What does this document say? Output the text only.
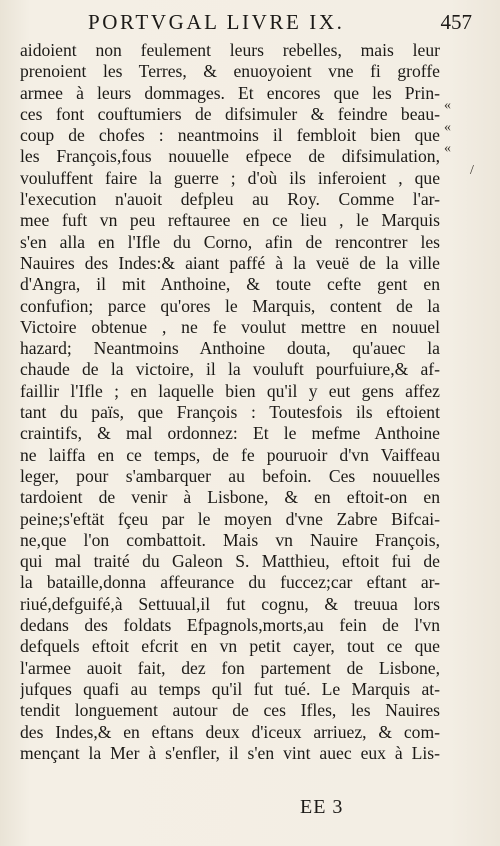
PORTVGAL LIVRE IX.	457
aidoient non feulement leurs rebelles, mais leur
prenoient les Terres, & enuoyoient vne fi groffe
armee à leurs dommages. Et encores que les Prin-
ces font couftumiers de difsimuler & feindre beau-
coup de chofes : neantmoins il fembloit bien que
les François,fous nouuelle efpece de difsimulation,
vouluffent faire la guerre ; d'où ils inferoient , que
l'execution n'auoit defpleu au Roy. Comme l'ar-
mee fuft vn peu reftauree en ce lieu , le Marquis
s'en alla en l'Ifle du Corno, afin de rencontrer les
Nauires des Indes:& aiant paffé à la veuë de la ville
d'Angra, il mit Anthoine, & toute cefte gent en
confufion; parce qu'ores le Marquis, content de la
Victoire obtenue , ne fe voulut mettre en nouuel
hazard; Neantmoins Anthoine douta, qu'auec la
chaude de la victoire, il la vouluft pourfuiure,& af-
faillir l'Ifle ; en laquelle bien qu'il y eut gens affez
tant du païs, que François : Toutesfois ils eftoient
craintifs, & mal ordonnez: Et le mefme Anthoine
ne laiffa en ce temps, de fe pouruoir d'vn Vaiffeau
leger, pour s'ambarquer au befoin. Ces nouuelles
tardoient de venir à Lisbone, & en eftoit-on en
peine;s'eftät fçeu par le moyen d'vne Zabre Bifcai-
ne,que l'on combattoit. Mais vn Nauire François,
qui mal traité du Galeon S. Matthieu, eftoit fui de
la bataille,donna affeurance du fuccez;car eftant ar-
riué,defguifé,à Settuual,il fut cognu, & treuua lors
dedans des foldats Efpagnols,morts,au fein de l'vn
defquels eftoit efcrit en vn petit cayer, tout ce que
l'armee auoit fait, dez fon partement de Lisbone,
jufques quafi au temps qu'il fut tué. Le Marquis at-
tendit longuement autour de ces Ifles, les Nauires
des Indes,& en eftans deux d'iceux arriuez, & com-
mençant la Mer à s'enfler, il s'en vint auec eux à Lis-
«
«
«
/
EE 3
